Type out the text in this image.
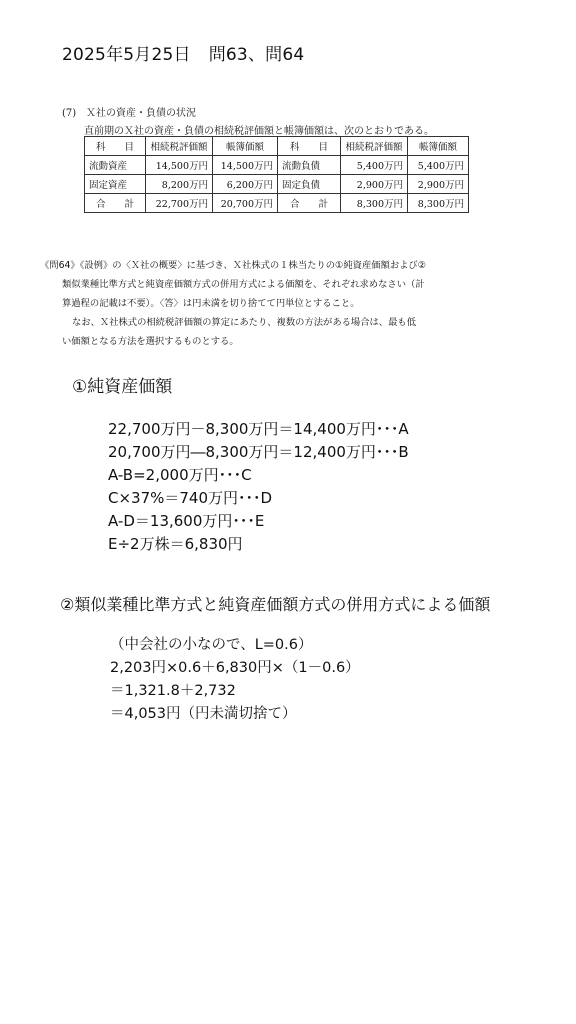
2025年5月25日 問63、問64

(7) Ｘ社の資産・負債の状況

直前期のＸ社の資産・負債の相続税評価額と帳簿価額は、次のとおりである。

科　　目	相続税評価額	帳簿価額	科　　目	相続税評価額	帳簿価額
流動資産	14,500万円	14,500万円	流動負債	5,400万円	5,400万円
固定資産	8,200万円	6,200万円	固定負債	2,900万円	2,900万円
合　　計	22,700万円	20,700万円	合　　計	8,300万円	8,300万円

《問64》《設例》の〈Ｘ社の概要〉に基づき、Ｘ社株式の１株当たりの①純資産価額および②

類似業種比準方式と純資産価額方式の併用方式による価額を、それぞれ求めなさい（計

算過程の記載は不要）。〈答〉は円未満を切り捨てて円単位とすること。

なお、Ｘ社株式の相続税評価額の算定にあたり、複数の方法がある場合は、最も低

い価額となる方法を選択するものとする。

①純資産価額
22,700万円－8,300万円＝14,400万円･･･A
20,700万円―8,300万円＝12,400万円･･･B
A-B=2,000万円･･･C
C×37%＝740万円･･･D
A-D＝13,600万円･･･E
E÷2万株＝6,830円
②類似業種比準方式と純資産価額方式の併用方式による価額
（中会社の小なので、L=0.6）
2,203円×0.6＋6,830円×（1－0.6）
＝1,321.8＋2,732
＝4,053円（円未満切捨て）
